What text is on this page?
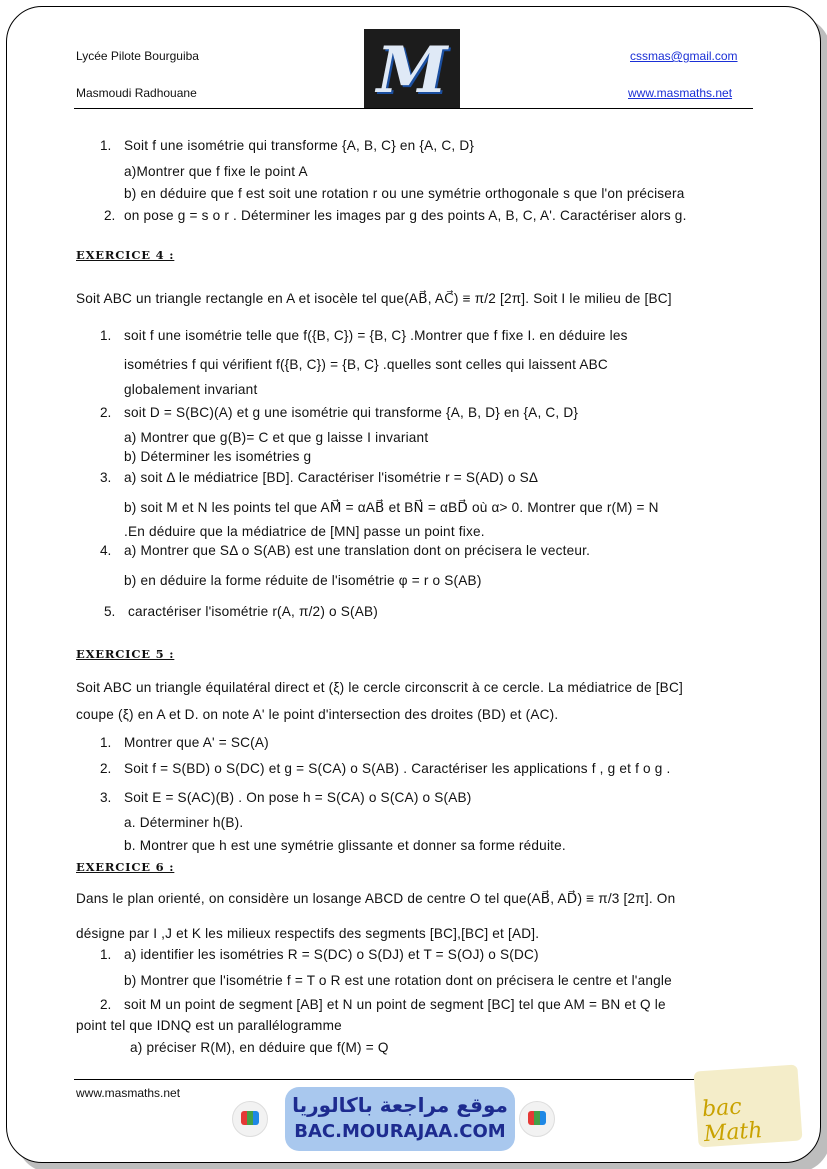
Lycée Pilote Bourguiba
Masmoudi Radhouane	M	cssmas@gmail.com
www.masmaths.net
1. Soit f une isométrie qui transforme {A, B, C} en {A, C, D}
a)Montrer que f fixe le point A
b) en déduire que f est soit une rotation r ou une symétrie orthogonale s que l'on précisera
2. on pose g = s o r . Déterminer les images par g des points A, B, C, A'. Caractériser alors g.
EXERCICE 4 :
Soit ABC un triangle rectangle en A et isocèle tel que(AB⃗, AC⃗) ≡ π/2 [2π]. Soit I le milieu de [BC]
1. soit f une isométrie telle que f({B, C}) = {B, C} .Montrer que f fixe I. en déduire les
isométries f qui vérifient f({B, C}) = {B, C} .quelles sont celles qui laissent ABC
globalement invariant
2. soit D = S(BC)(A) et g une isométrie qui transforme {A, B, D} en {A, C, D}
a) Montrer que g(B)= C et que g laisse I invariant
b) Déterminer les isométries g
3. a) soit Δ le médiatrice [BD]. Caractériser l'isométrie r = S(AD) o SΔ
b) soit M et N les points tel que AM⃗ = αAB⃗ et BN⃗ = αBD⃗ où α> 0. Montrer que r(M) = N
.En déduire que la médiatrice de [MN] passe un point fixe.
4. a) Montrer que SΔ o S(AB) est une translation dont on précisera le vecteur.
b) en déduire la forme réduite de l'isométrie φ = r o S(AB)
5. caractériser l'isométrie r(A, π/2) o S(AB)
EXERCICE 5 :
Soit ABC un triangle équilatéral direct et (ξ) le cercle circonscrit à ce cercle. La médiatrice de [BC]
coupe (ξ) en A et D. on note A' le point d'intersection des droites (BD) et (AC).
1. Montrer que A' = SC(A)
2. Soit f = S(BD) o S(DC) et g = S(CA) o S(AB) . Caractériser les applications f , g et f o g .
3. Soit E = S(AC)(B) . On pose h = S(CA) o S(CA) o S(AB)
a. Déterminer h(B).
b. Montrer que h est une symétrie glissante et donner sa forme réduite.
EXERCICE 6 :
Dans le plan orienté, on considère un losange ABCD de centre O tel que(AB⃗, AD⃗) ≡ π/3 [2π]. On
désigne par I ,J et K les milieux respectifs des segments [BC],[BC] et [AD].
1. a) identifier les isométries R = S(DC) o S(DJ) et T = S(OJ) o S(DC)
b) Montrer que l'isométrie f = T o R est une rotation dont on précisera le centre et l'angle
2. soit M un point de segment [AB] et N un point de segment [BC] tel que AM = BN et Q le
point tel que IDNQ est un parallélogramme
a) préciser R(M), en déduire que f(M) = Q
www.masmaths.net	موقع مراجعة باكالوريا
BAC.MOURAJAA.COM
bac Math
